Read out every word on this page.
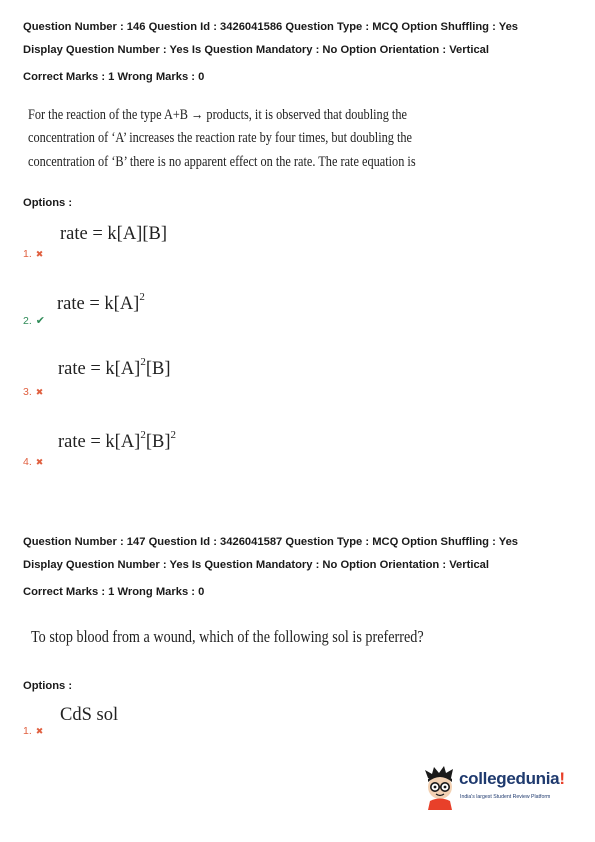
Question Number : 146 Question Id : 3426041586 Question Type : MCQ Option Shuffling : Yes
Display Question Number : Yes Is Question Mandatory : No Option Orientation : Vertical
Correct Marks : 1 Wrong Marks : 0
For the reaction of the type A+B → products, it is observed that doubling the
concentration of ‘A’ increases the reaction rate by four times, but doubling the
concentration of ‘B’ there is no apparent effect on the rate. The rate equation is
Options :
rate = k[A][B]
1. ✖
rate = $k[A]^2$
2. ✔
rate = $k[A]^2[B]$
3. ✖
rate = $k[A]^2[B]^2$
4. ✖
Question Number : 147 Question Id : 3426041587 Question Type : MCQ Option Shuffling : Yes
Display Question Number : Yes Is Question Mandatory : No Option Orientation : Vertical
Correct Marks : 1 Wrong Marks : 0
To stop blood from a wound, which of the following sol is preferred?
Options :
CdS sol
1. ✖
collegedunia!
India's largest Student Review Platform
